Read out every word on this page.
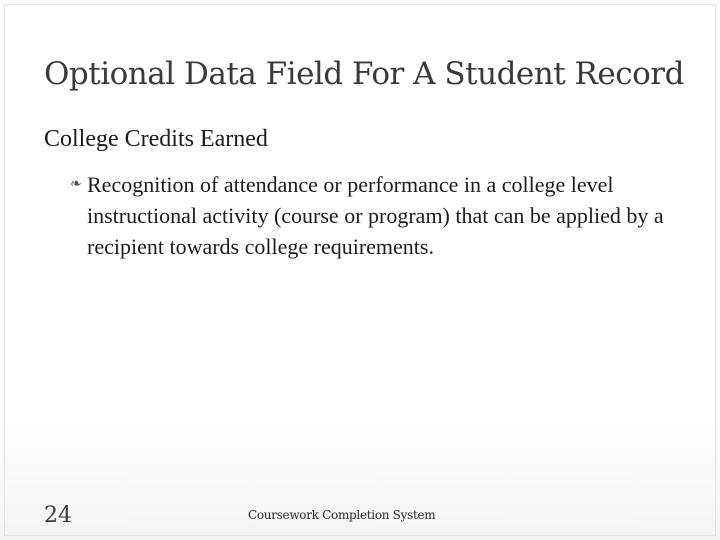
Optional Data Field For A Student Record
College Credits Earned
❧ Recognition of attendance or performance in a college level instructional activity (course or program) that can be applied by a recipient towards college requirements.
24	Coursework Completion System
